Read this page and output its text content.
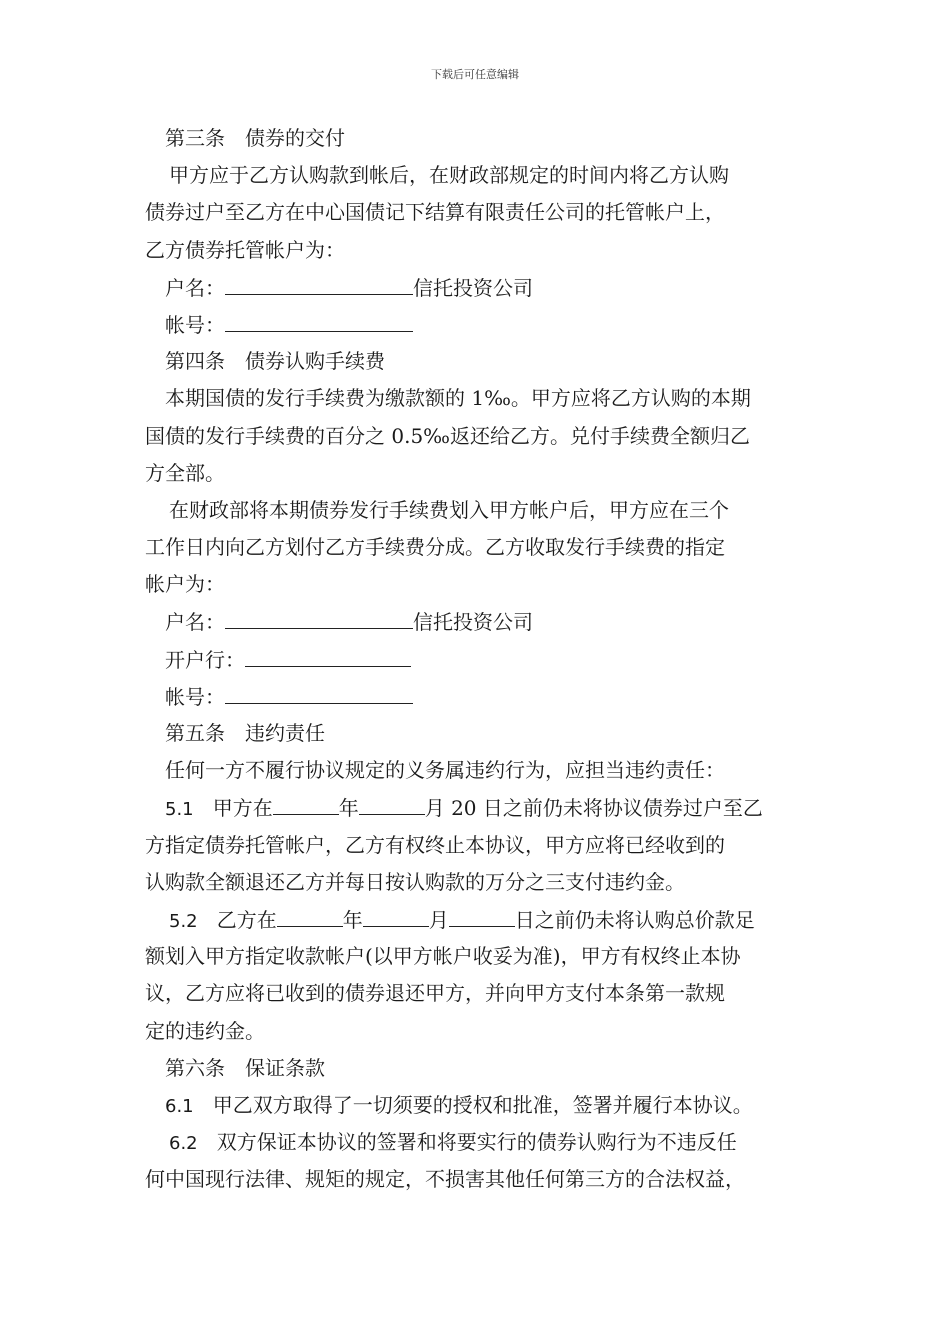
下载后可任意编辑
第三条　债券的交付
甲方应于乙方认购款到帐后，在财政部规定的时间内将乙方认购
债券过户至乙方在中心国债记下结算有限责任公司的托管帐户上，
乙方债券托管帐户为：
户名：	信托投资公司
帐号：
第四条　债券认购手续费
本期国债的发行手续费为缴款额的 1‰。甲方应将乙方认购的本期
国债的发行手续费的百分之 0.5‰返还给乙方。兑付手续费全额归乙
方全部。
在财政部将本期债券发行手续费划入甲方帐户后，甲方应在三个
工作日内向乙方划付乙方手续费分成。乙方收取发行手续费的指定
帐户为：
户名：	信托投资公司
开户行：
帐号：
第五条　违约责任
任何一方不履行协议规定的义务属违约行为，应担当违约责任：
5.1 甲方在	年	月 20 日之前仍未将协议债券过户至乙
方指定债券托管帐户，乙方有权终止本协议，甲方应将已经收到的
认购款全额退还乙方并每日按认购款的万分之三支付违约金。
5.2 乙方在	年	月	日之前仍未将认购总价款足
额划入甲方指定收款帐户(以甲方帐户收妥为准)，甲方有权终止本协
议，乙方应将已收到的债券退还甲方，并向甲方支付本条第一款规
定的违约金。
第六条　保证条款
6.1 甲乙双方取得了一切须要的授权和批准，签署并履行本协议。
6.2 双方保证本协议的签署和将要实行的债券认购行为不违反任
何中国现行法律、规矩的规定，不损害其他任何第三方的合法权益，
